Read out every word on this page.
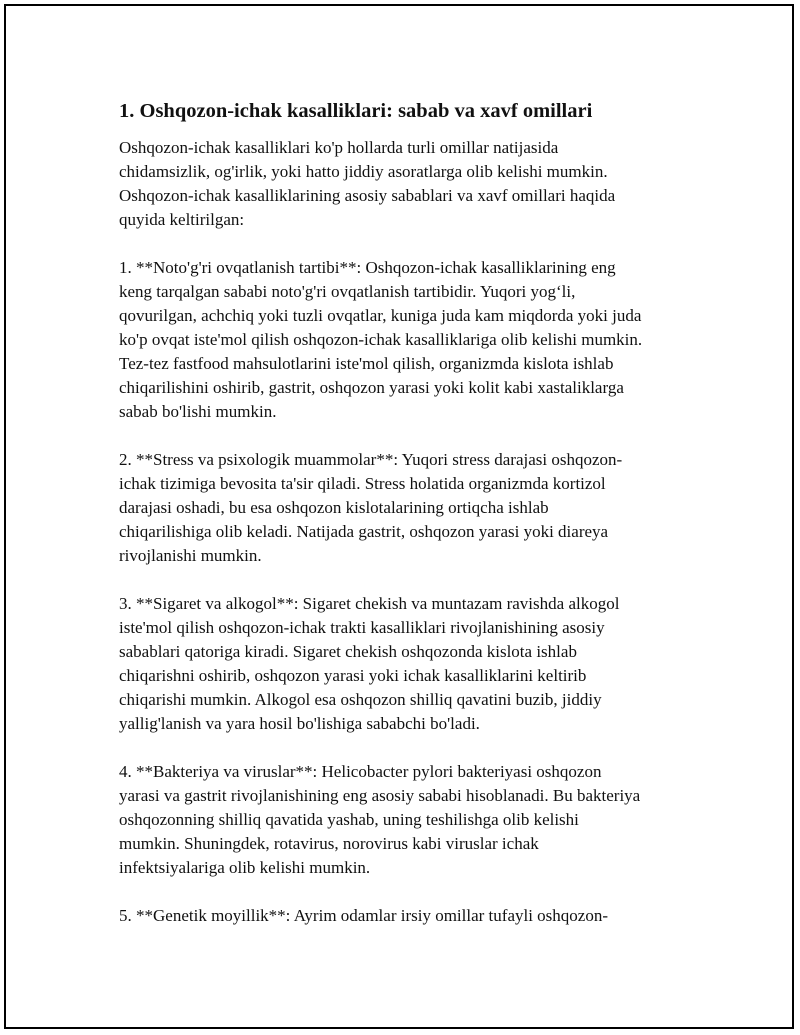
1. Oshqozon-ichak kasalliklari: sabab va xavf omillari
Oshqozon-ichak kasalliklari ko'p hollarda turli omillar natijasida
chidamsizlik, og'irlik, yoki hatto jiddiy asoratlarga olib kelishi mumkin.
Oshqozon-ichak kasalliklarining asosiy sabablari va xavf omillari haqida
quyida keltirilgan:
1. **Noto'g'ri ovqatlanish tartibi**: Oshqozon-ichak kasalliklarining eng
keng tarqalgan sababi noto'g'ri ovqatlanish tartibidir. Yuqori yog‘li,
qovurilgan, achchiq yoki tuzli ovqatlar, kuniga juda kam miqdorda yoki juda
ko'p ovqat iste'mol qilish oshqozon-ichak kasalliklariga olib kelishi mumkin.
Tez-tez fastfood mahsulotlarini iste'mol qilish, organizmda kislota ishlab
chiqarilishini oshirib, gastrit, oshqozon yarasi yoki kolit kabi xastaliklarga
sabab bo'lishi mumkin.
2. **Stress va psixologik muammolar**: Yuqori stress darajasi oshqozon-
ichak tizimiga bevosita ta'sir qiladi. Stress holatida organizmda kortizol
darajasi oshadi, bu esa oshqozon kislotalarining ortiqcha ishlab
chiqarilishiga olib keladi. Natijada gastrit, oshqozon yarasi yoki diareya
rivojlanishi mumkin.
3. **Sigaret va alkogol**: Sigaret chekish va muntazam ravishda alkogol
iste'mol qilish oshqozon-ichak trakti kasalliklari rivojlanishining asosiy
sabablari qatoriga kiradi. Sigaret chekish oshqozonda kislota ishlab
chiqarishni oshirib, oshqozon yarasi yoki ichak kasalliklarini keltirib
chiqarishi mumkin. Alkogol esa oshqozon shilliq qavatini buzib, jiddiy
yallig'lanish va yara hosil bo'lishiga sababchi bo'ladi.
4. **Bakteriya va viruslar**: Helicobacter pylori bakteriyasi oshqozon
yarasi va gastrit rivojlanishining eng asosiy sababi hisoblanadi. Bu bakteriya
oshqozonning shilliq qavatida yashab, uning teshilishga olib kelishi
mumkin. Shuningdek, rotavirus, norovirus kabi viruslar ichak
infektsiyalariga olib kelishi mumkin.
5. **Genetik moyillik**: Ayrim odamlar irsiy omillar tufayli oshqozon-
